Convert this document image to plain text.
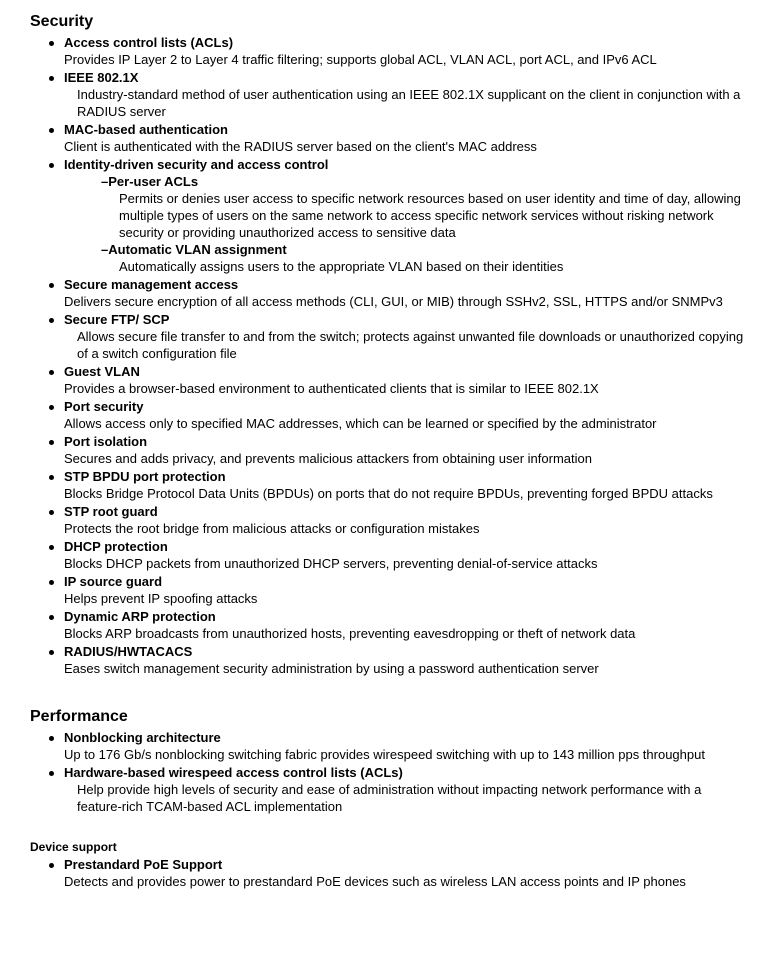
Security
Access control lists (ACLs)
Provides IP Layer 2 to Layer 4 traffic filtering; supports global ACL, VLAN ACL, port ACL, and IPv6 ACL
IEEE 802.1X
Industry-standard method of user authentication using an IEEE 802.1X supplicant on the client in conjunction with a RADIUS server
MAC-based authentication
Client is authenticated with the RADIUS server based on the client's MAC address
Identity-driven security and access control
–Per-user ACLs
Permits or denies user access to specific network resources based on user identity and time of day, allowing multiple types of users on the same network to access specific network services without risking network security or providing unauthorized access to sensitive data
–Automatic VLAN assignment
Automatically assigns users to the appropriate VLAN based on their identities
Secure management access
Delivers secure encryption of all access methods (CLI, GUI, or MIB) through SSHv2, SSL, HTTPS and/or SNMPv3
Secure FTP/ SCP
Allows secure file transfer to and from the switch; protects against unwanted file downloads or unauthorized copying of a switch configuration file
Guest VLAN
Provides a browser-based environment to authenticated clients that is similar to IEEE 802.1X
Port security
Allows access only to specified MAC addresses, which can be learned or specified by the administrator
Port isolation
Secures and adds privacy, and prevents malicious attackers from obtaining user information
STP BPDU port protection
Blocks Bridge Protocol Data Units (BPDUs) on ports that do not require BPDUs, preventing forged BPDU attacks
STP root guard
Protects the root bridge from malicious attacks or configuration mistakes
DHCP protection
Blocks DHCP packets from unauthorized DHCP servers, preventing denial-of-service attacks
IP source guard
Helps prevent IP spoofing attacks
Dynamic ARP protection
Blocks ARP broadcasts from unauthorized hosts, preventing eavesdropping or theft of network data
RADIUS/HWTACACS
Eases switch management security administration by using a password authentication server
Performance
Nonblocking architecture
Up to 176 Gb/s nonblocking switching fabric provides wirespeed switching with up to 143 million pps throughput
Hardware-based wirespeed access control lists (ACLs)
Help provide high levels of security and ease of administration without impacting network performance with a feature-rich TCAM-based ACL implementation
Device support
Prestandard PoE Support
Detects and provides power to prestandard PoE devices such as wireless LAN access points and IP phones
